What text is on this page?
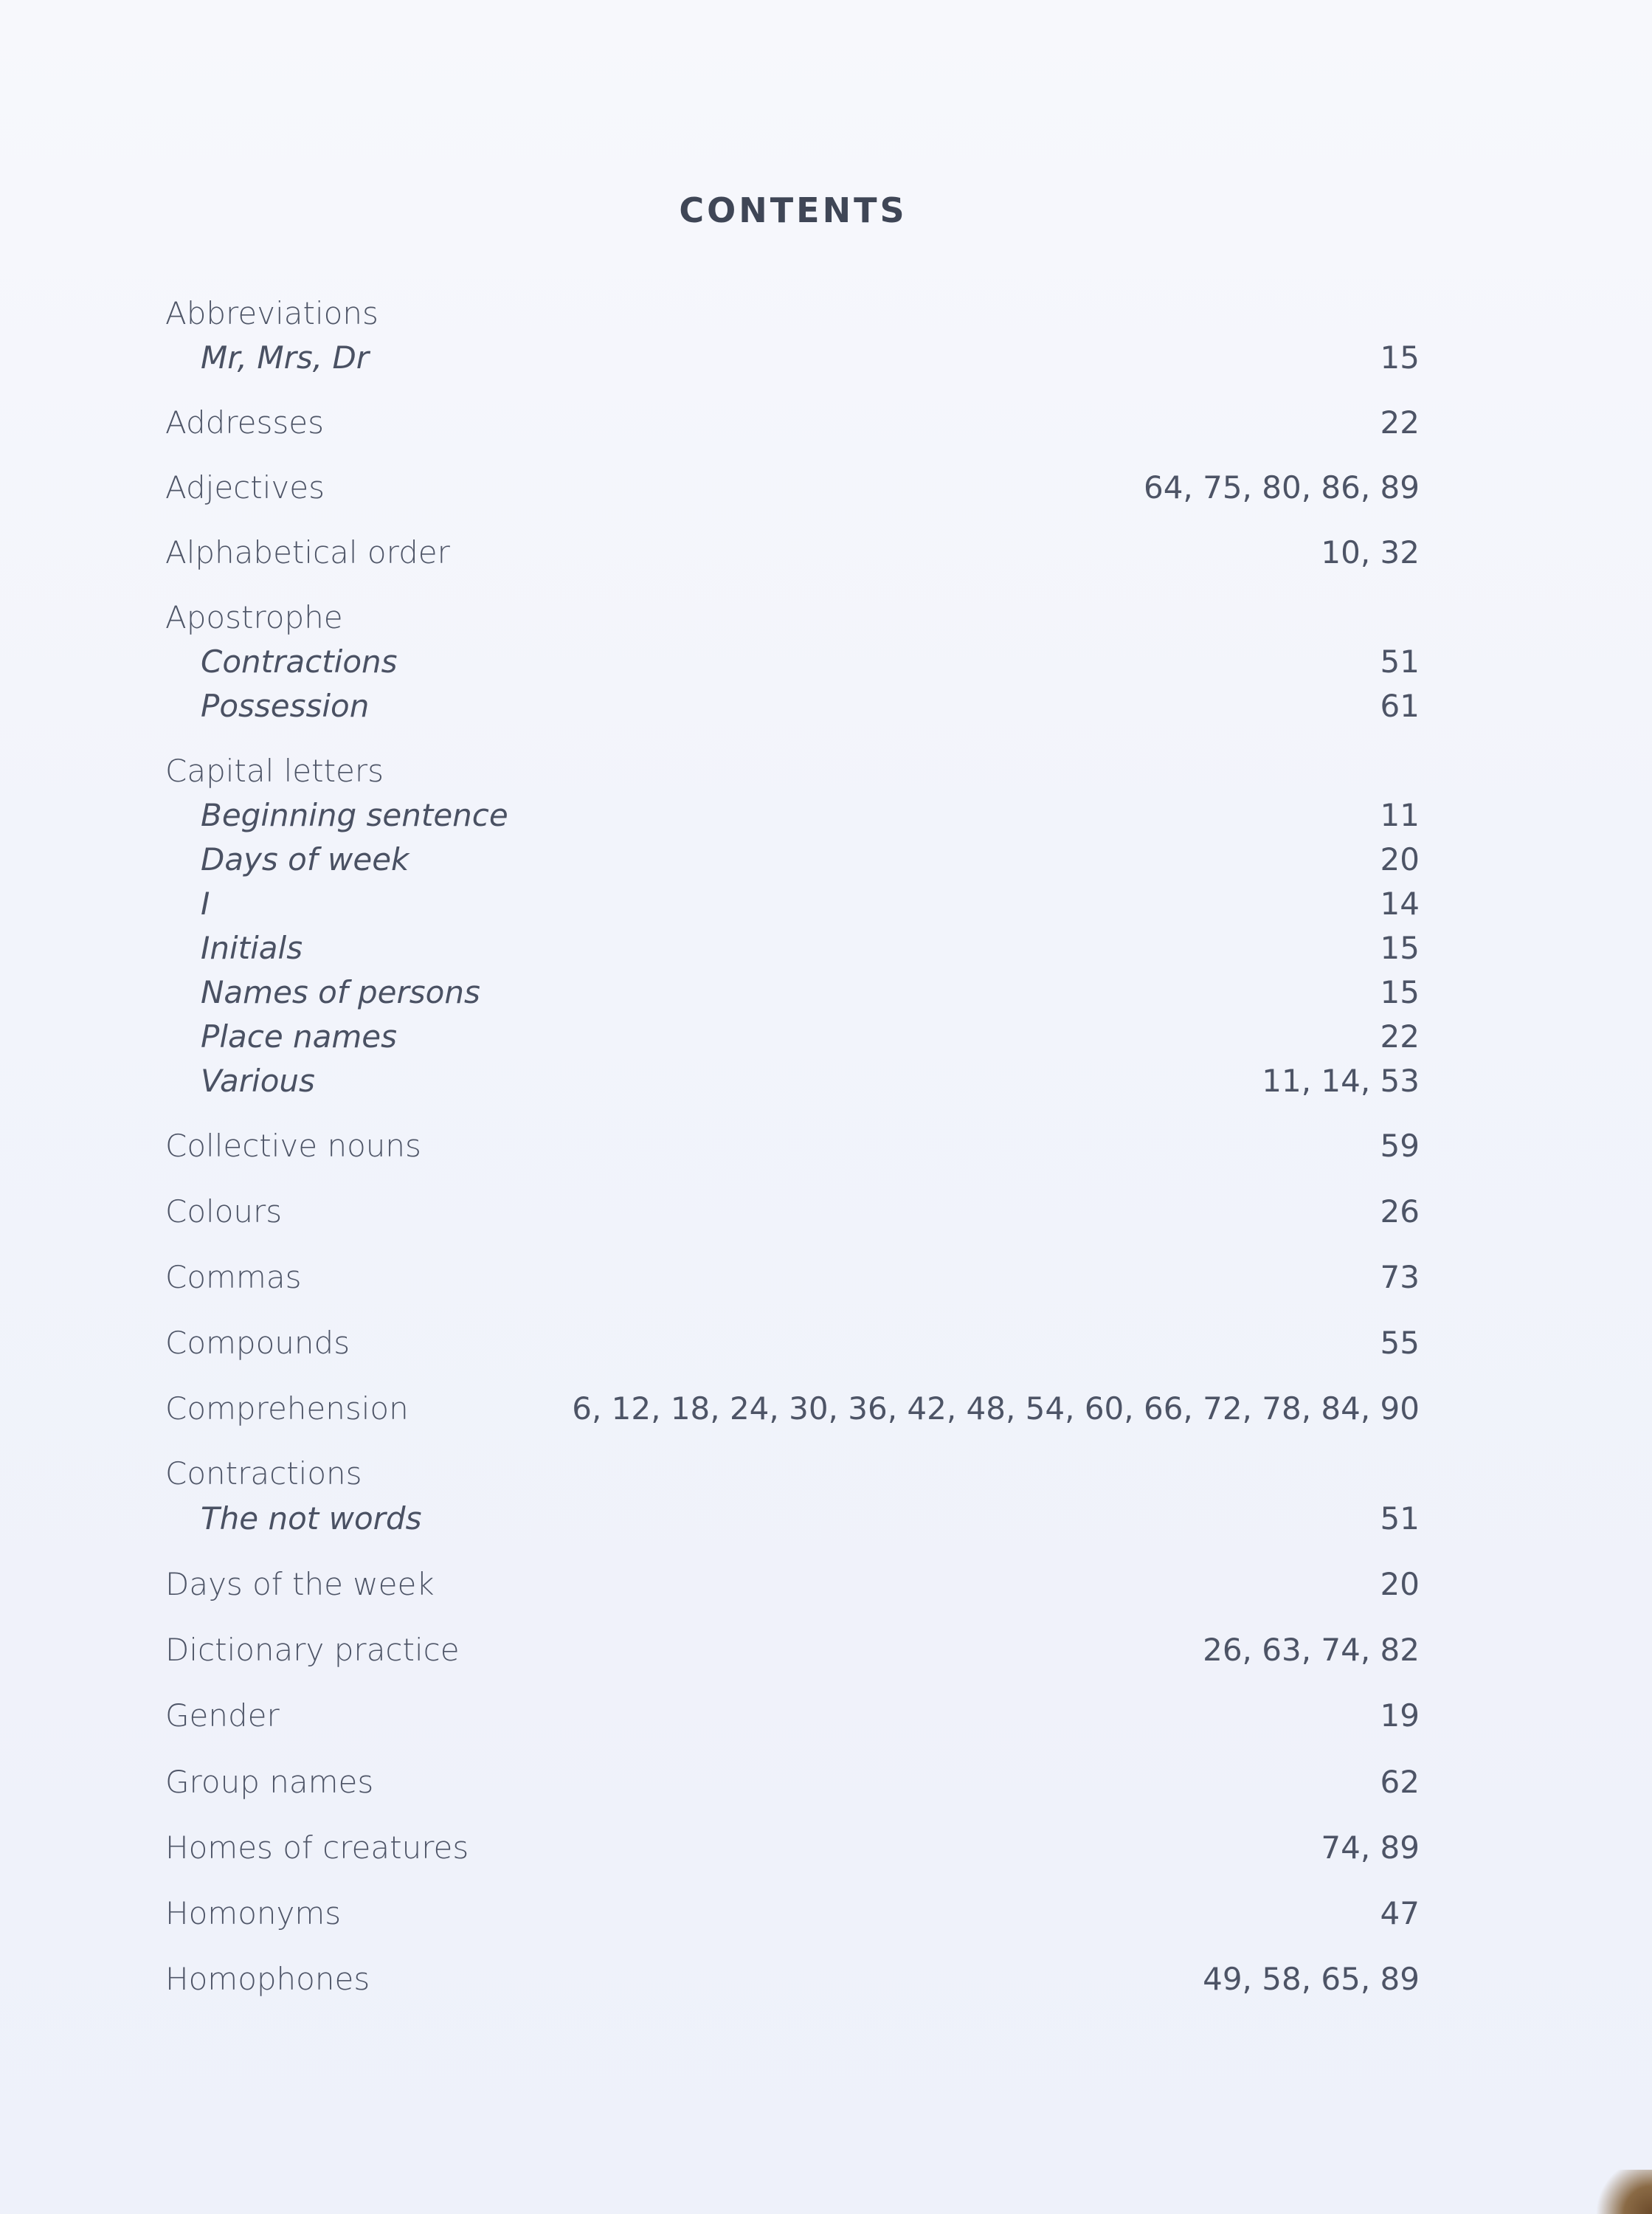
CONTENTS
Abbreviations
Mr, Mrs, Dr	15
Addresses	22
Adjectives	64, 75, 80, 86, 89
Alphabetical order	10, 32
Apostrophe
Contractions	51
Possession	61
Capital letters
Beginning sentence	11
Days of week	20
I	14
Initials	15
Names of persons	15
Place names	22
Various	11, 14, 53
Collective nouns	59
Colours	26
Commas	73
Compounds	55
Comprehension	6, 12, 18, 24, 30, 36, 42, 48, 54, 60, 66, 72, 78, 84, 90
Contractions
The not words	51
Days of the week	20
Dictionary practice	26, 63, 74, 82
Gender	19
Group names	62
Homes of creatures	74, 89
Homonyms	47
Homophones	49, 58, 65, 89
